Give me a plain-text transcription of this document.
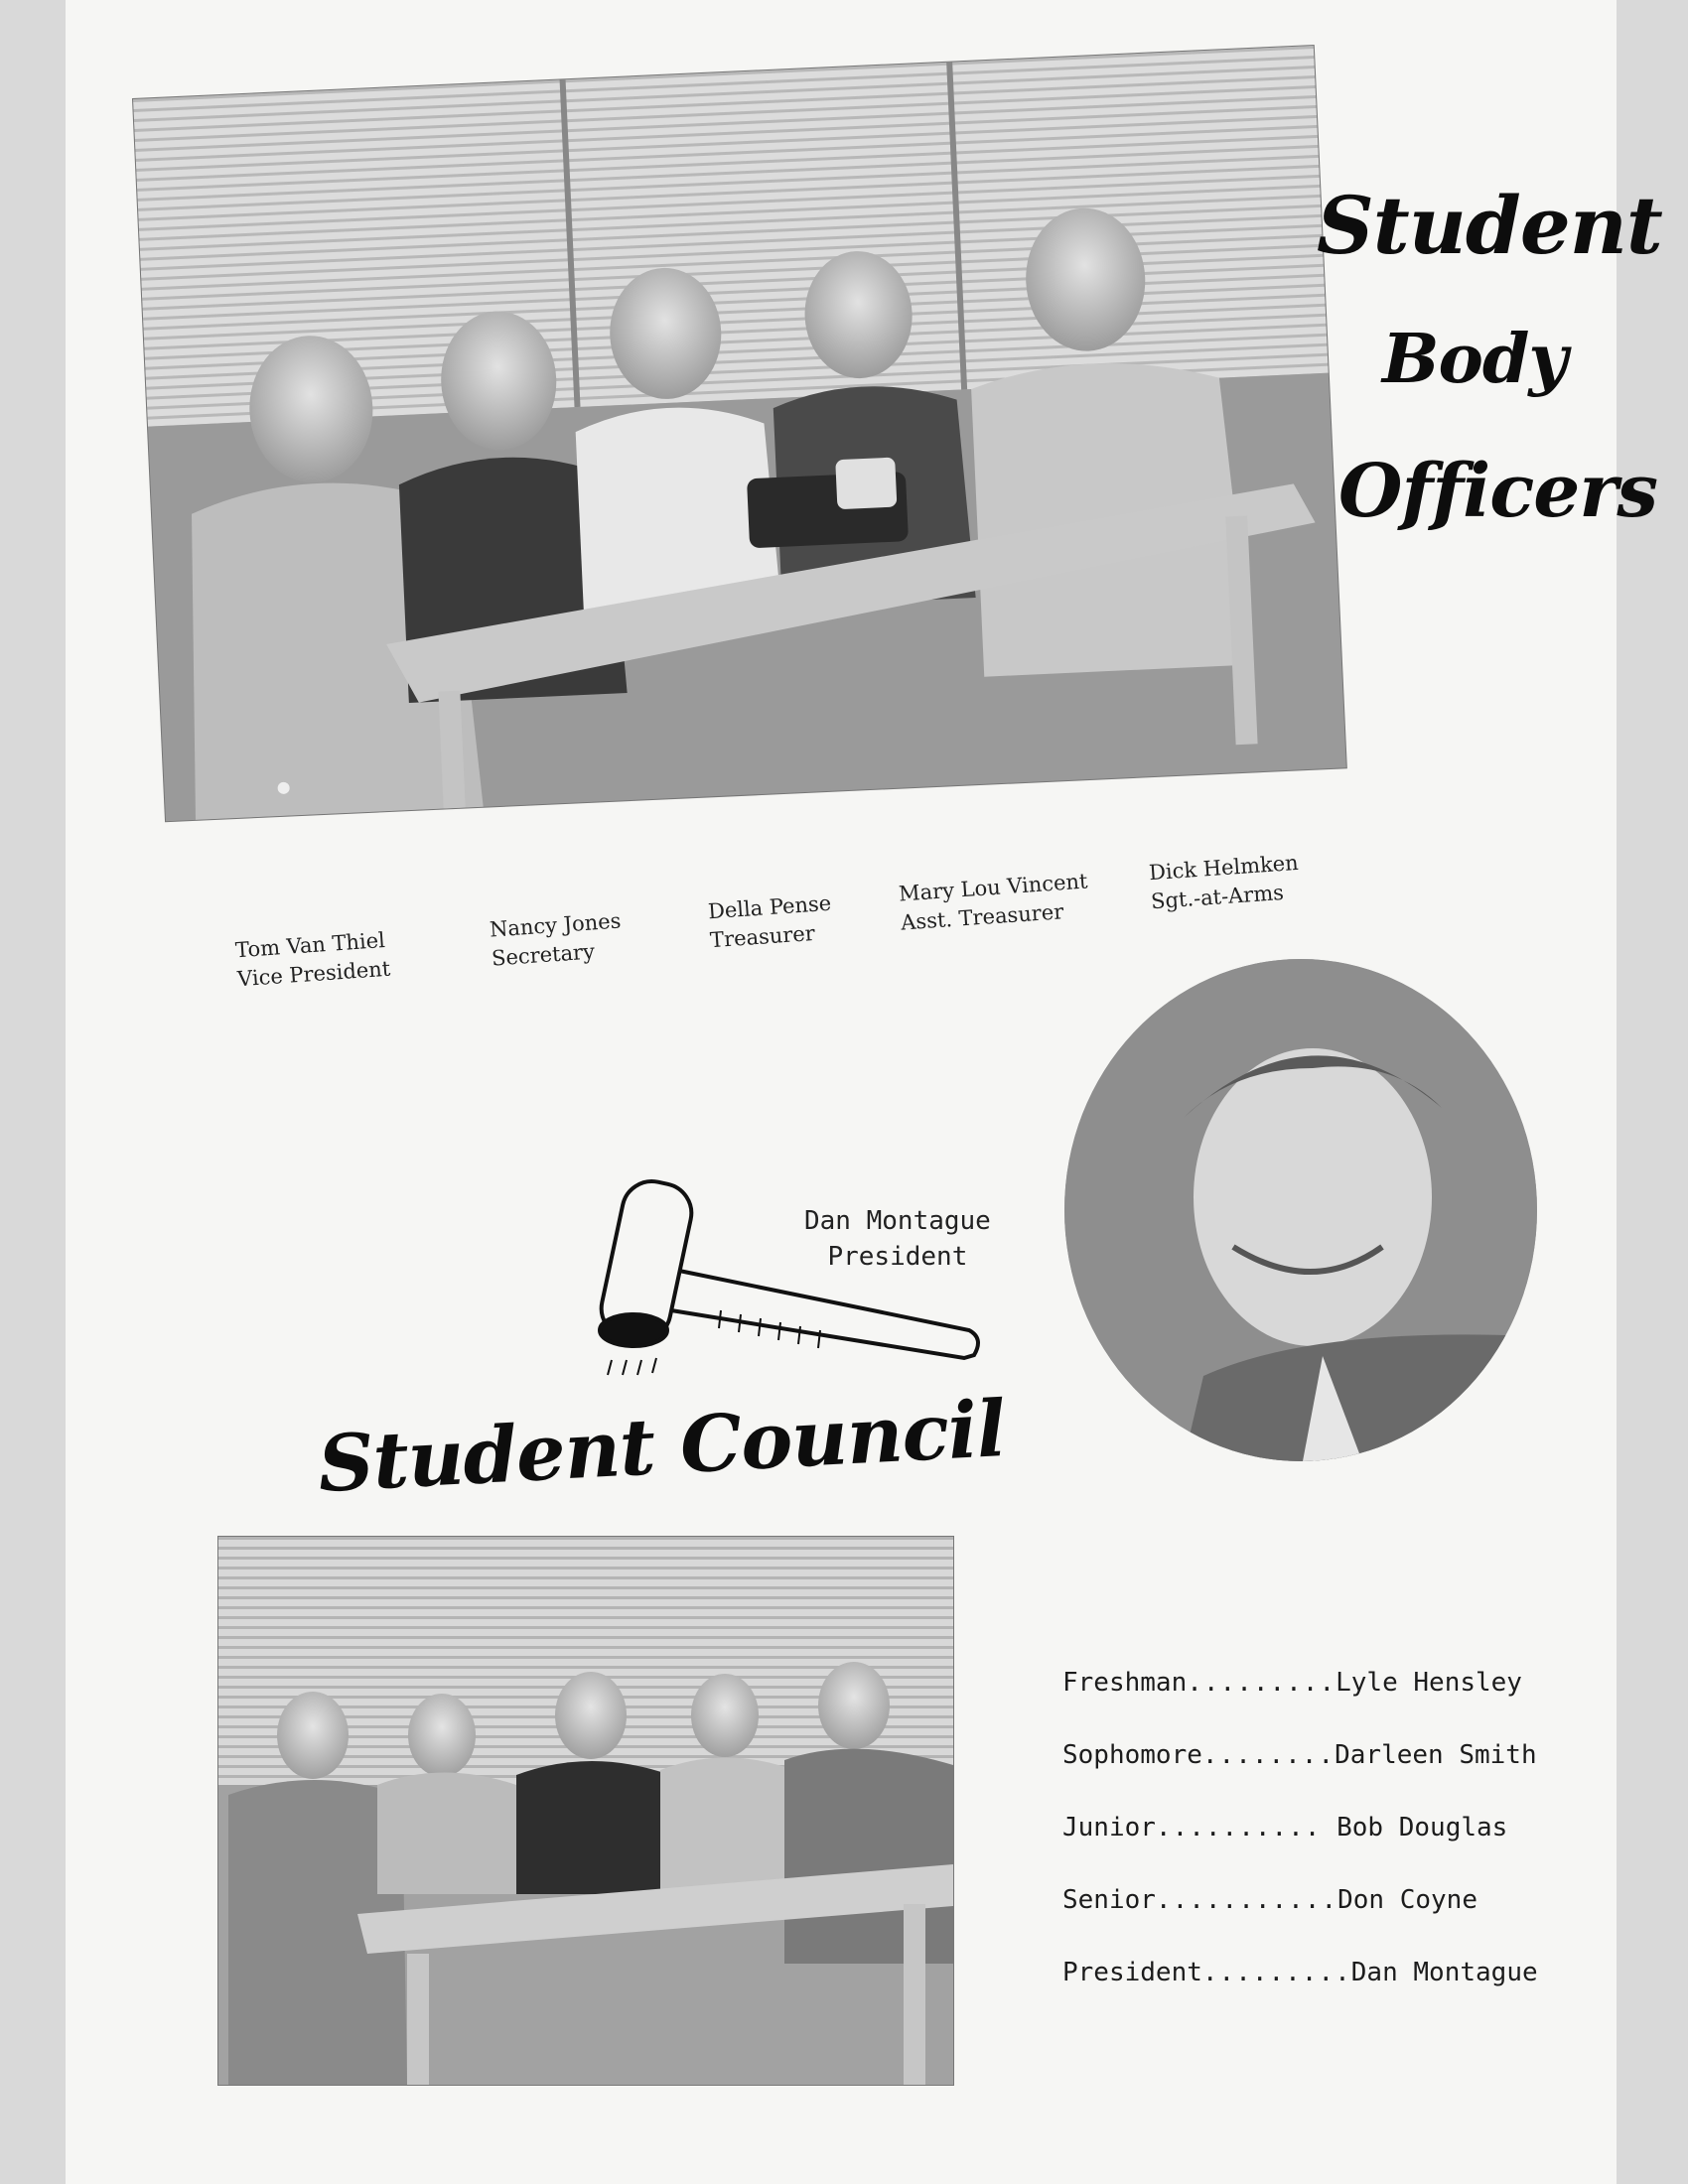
Student
Body
Officers
Tom Van Thiel
Vice President
Nancy Jones
Secretary
Della Pense
Treasurer
Mary Lou Vincent
Asst. Treasurer
Dick Helmken
Sgt.-at-Arms
Dan Montague
President
Student Council
Freshman.........Lyle Hensley
Sophomore........Darleen Smith
Junior.......... Bob Douglas
Senior...........Don Coyne
President.........Dan Montague
